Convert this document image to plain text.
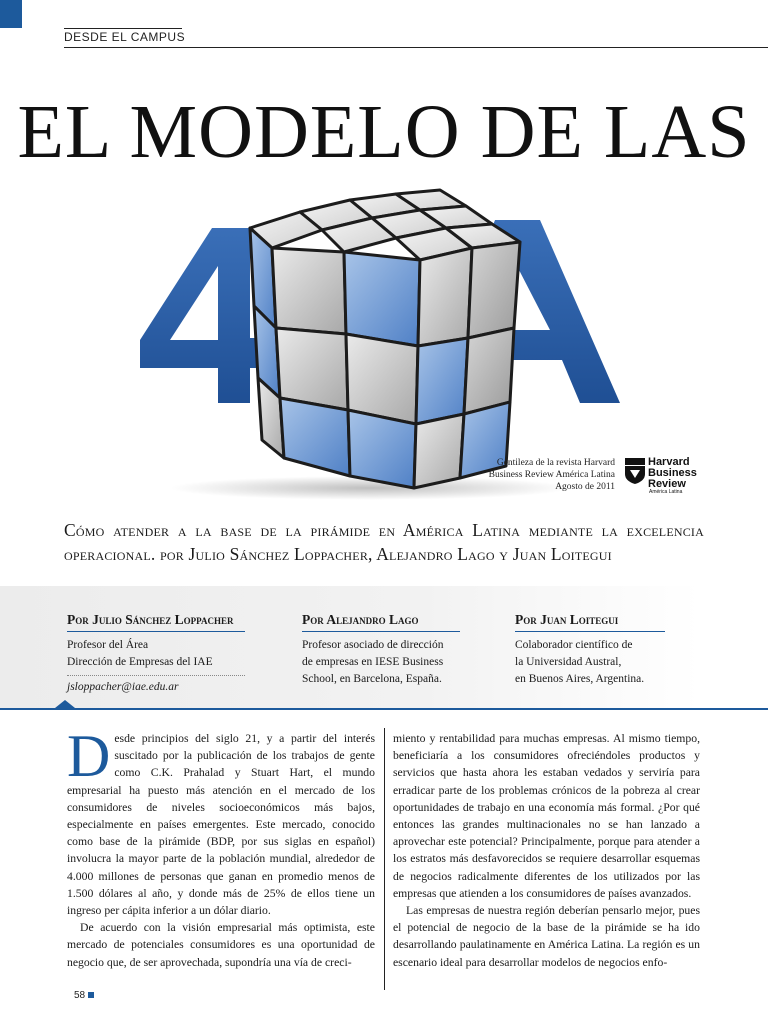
DESDE EL CAMPUS
EL MODELO DE LAS
Gentileza de la revista Harvard
Business Review América Latina
Agosto de 2011
Harvard
Business
Review
América Latina

Cómo atender a la base de la pirámide en América Latina mediante la excelencia operacional. por Julio Sánchez Loppacher, Alejandro Lago y Juan Loitegui

Por Julio Sánchez Loppacher
Profesor del Área
Dirección de Empresas del IAE
jsloppacher@iae.edu.ar
Por Alejandro Lago
Profesor asociado de dirección
de empresas en IESE Business
School, en Barcelona, España.
Por Juan Loitegui
Colaborador científico de
la Universidad Austral,
en Buenos Aires, Argentina.

Desde principios del siglo 21, y a partir del interés suscitado por la publicación de los trabajos de gente como C.K. Prahalad y Stuart Hart, el mundo empresarial ha puesto más atención en el mercado de los consumidores de niveles socioeconómicos más bajos, especialmente en países emergentes. Este mercado, conocido como base de la pirámide (BDP, por sus siglas en español) involucra la mayor parte de la población mundial, alrededor de 4.000 millones de personas que ganan en promedio menos de 1.500 dólares al año, y donde más de 25% de ellos tiene un ingreso per cápita inferior a un dólar diario.

De acuerdo con la visión empresarial más optimista, este mercado de potenciales consumidores es una oportunidad de negocio que, de ser aprovechada, supondría una vía de creci-

miento y rentabilidad para muchas empresas. Al mismo tiempo, beneficiaría a los consumidores ofreciéndoles productos y servicios que hasta ahora les estaban vedados y serviría para erradicar parte de los problemas crónicos de la pobreza al crear oportunidades de trabajo en una economía más formal. ¿Por qué entonces las grandes multinacionales no se han lanzado a aprovechar este potencial? Principalmente, porque para atender a los estratos más desfavorecidos se requiere desarrollar esquemas de negocios radicalmente diferentes de los utilizados por las empresas que atienden a los consumidores de países avanzados.

Las empresas de nuestra región deberían pensarlo mejor, pues el potencial de negocio de la base de la pirámide se ha ido desarrollando paulatinamente en América Latina. La región es un escenario ideal para desarrollar modelos de negocios enfo-

58
